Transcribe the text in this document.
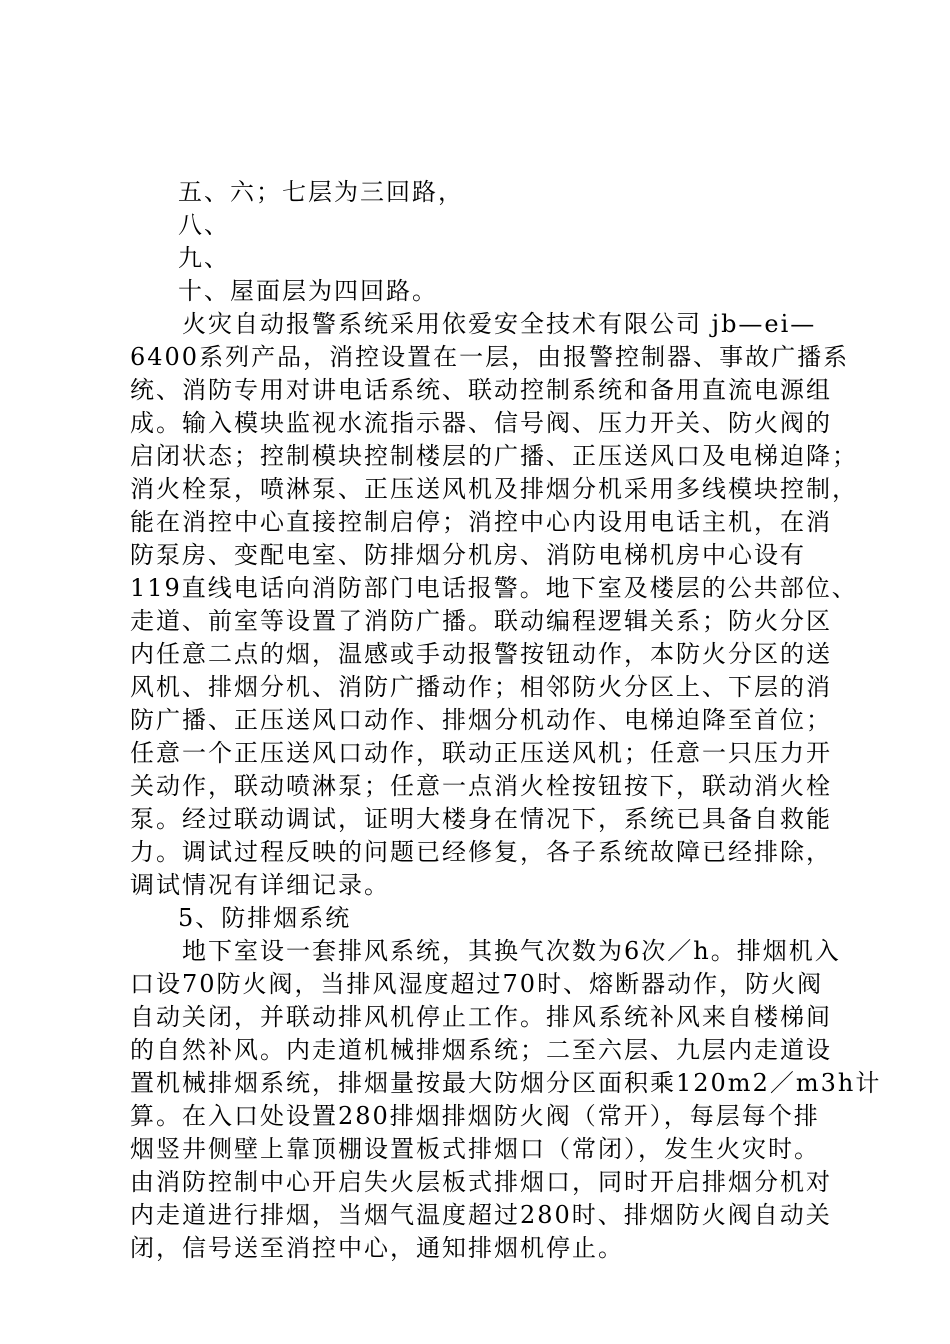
五、六；七层为三回路，
八、
九、
十、屋面层为四回路。
火灾自动报警系统采用依爱安全技术有限公司 jb—ei—
6400系列产品，消控设置在一层，由报警控制器、事故广播系
统、消防专用对讲电话系统、联动控制系统和备用直流电源组
成。输入模块监视水流指示器、信号阀、压力开关、防火阀的
启闭状态；控制模块控制楼层的广播、正压送风口及电梯迫降；
消火栓泵，喷淋泵、正压送风机及排烟分机采用多线模块控制，
能在消控中心直接控制启停；消控中心内设用电话主机，在消
防泵房、变配电室、防排烟分机房、消防电梯机房中心设有
119直线电话向消防部门电话报警。地下室及楼层的公共部位、
走道、前室等设置了消防广播。联动编程逻辑关系；防火分区
内任意二点的烟，温感或手动报警按钮动作，本防火分区的送
风机、排烟分机、消防广播动作；相邻防火分区上、下层的消
防广播、正压送风口动作、排烟分机动作、电梯迫降至首位；
任意一个正压送风口动作，联动正压送风机；任意一只压力开
关动作，联动喷淋泵；任意一点消火栓按钮按下，联动消火栓
泵。经过联动调试，证明大楼身在情况下，系统已具备自救能
力。调试过程反映的问题已经修复，各子系统故障已经排除，
调试情况有详细记录。
5、防排烟系统
地下室设一套排风系统，其换气次数为6次／h。排烟机入
口设70防火阀，当排风湿度超过70时、熔断器动作，防火阀
自动关闭，并联动排风机停止工作。排风系统补风来自楼梯间
的自然补风。内走道机械排烟系统；二至六层、九层内走道设
置机械排烟系统，排烟量按最大防烟分区面积乘120m2／m3h计
算。在入口处设置280排烟排烟防火阀（常开），每层每个排
烟竖井侧壁上靠顶棚设置板式排烟口（常闭），发生火灾时。
由消防控制中心开启失火层板式排烟口，同时开启排烟分机对
内走道进行排烟，当烟气温度超过280时、排烟防火阀自动关
闭，信号送至消控中心，通知排烟机停止。
